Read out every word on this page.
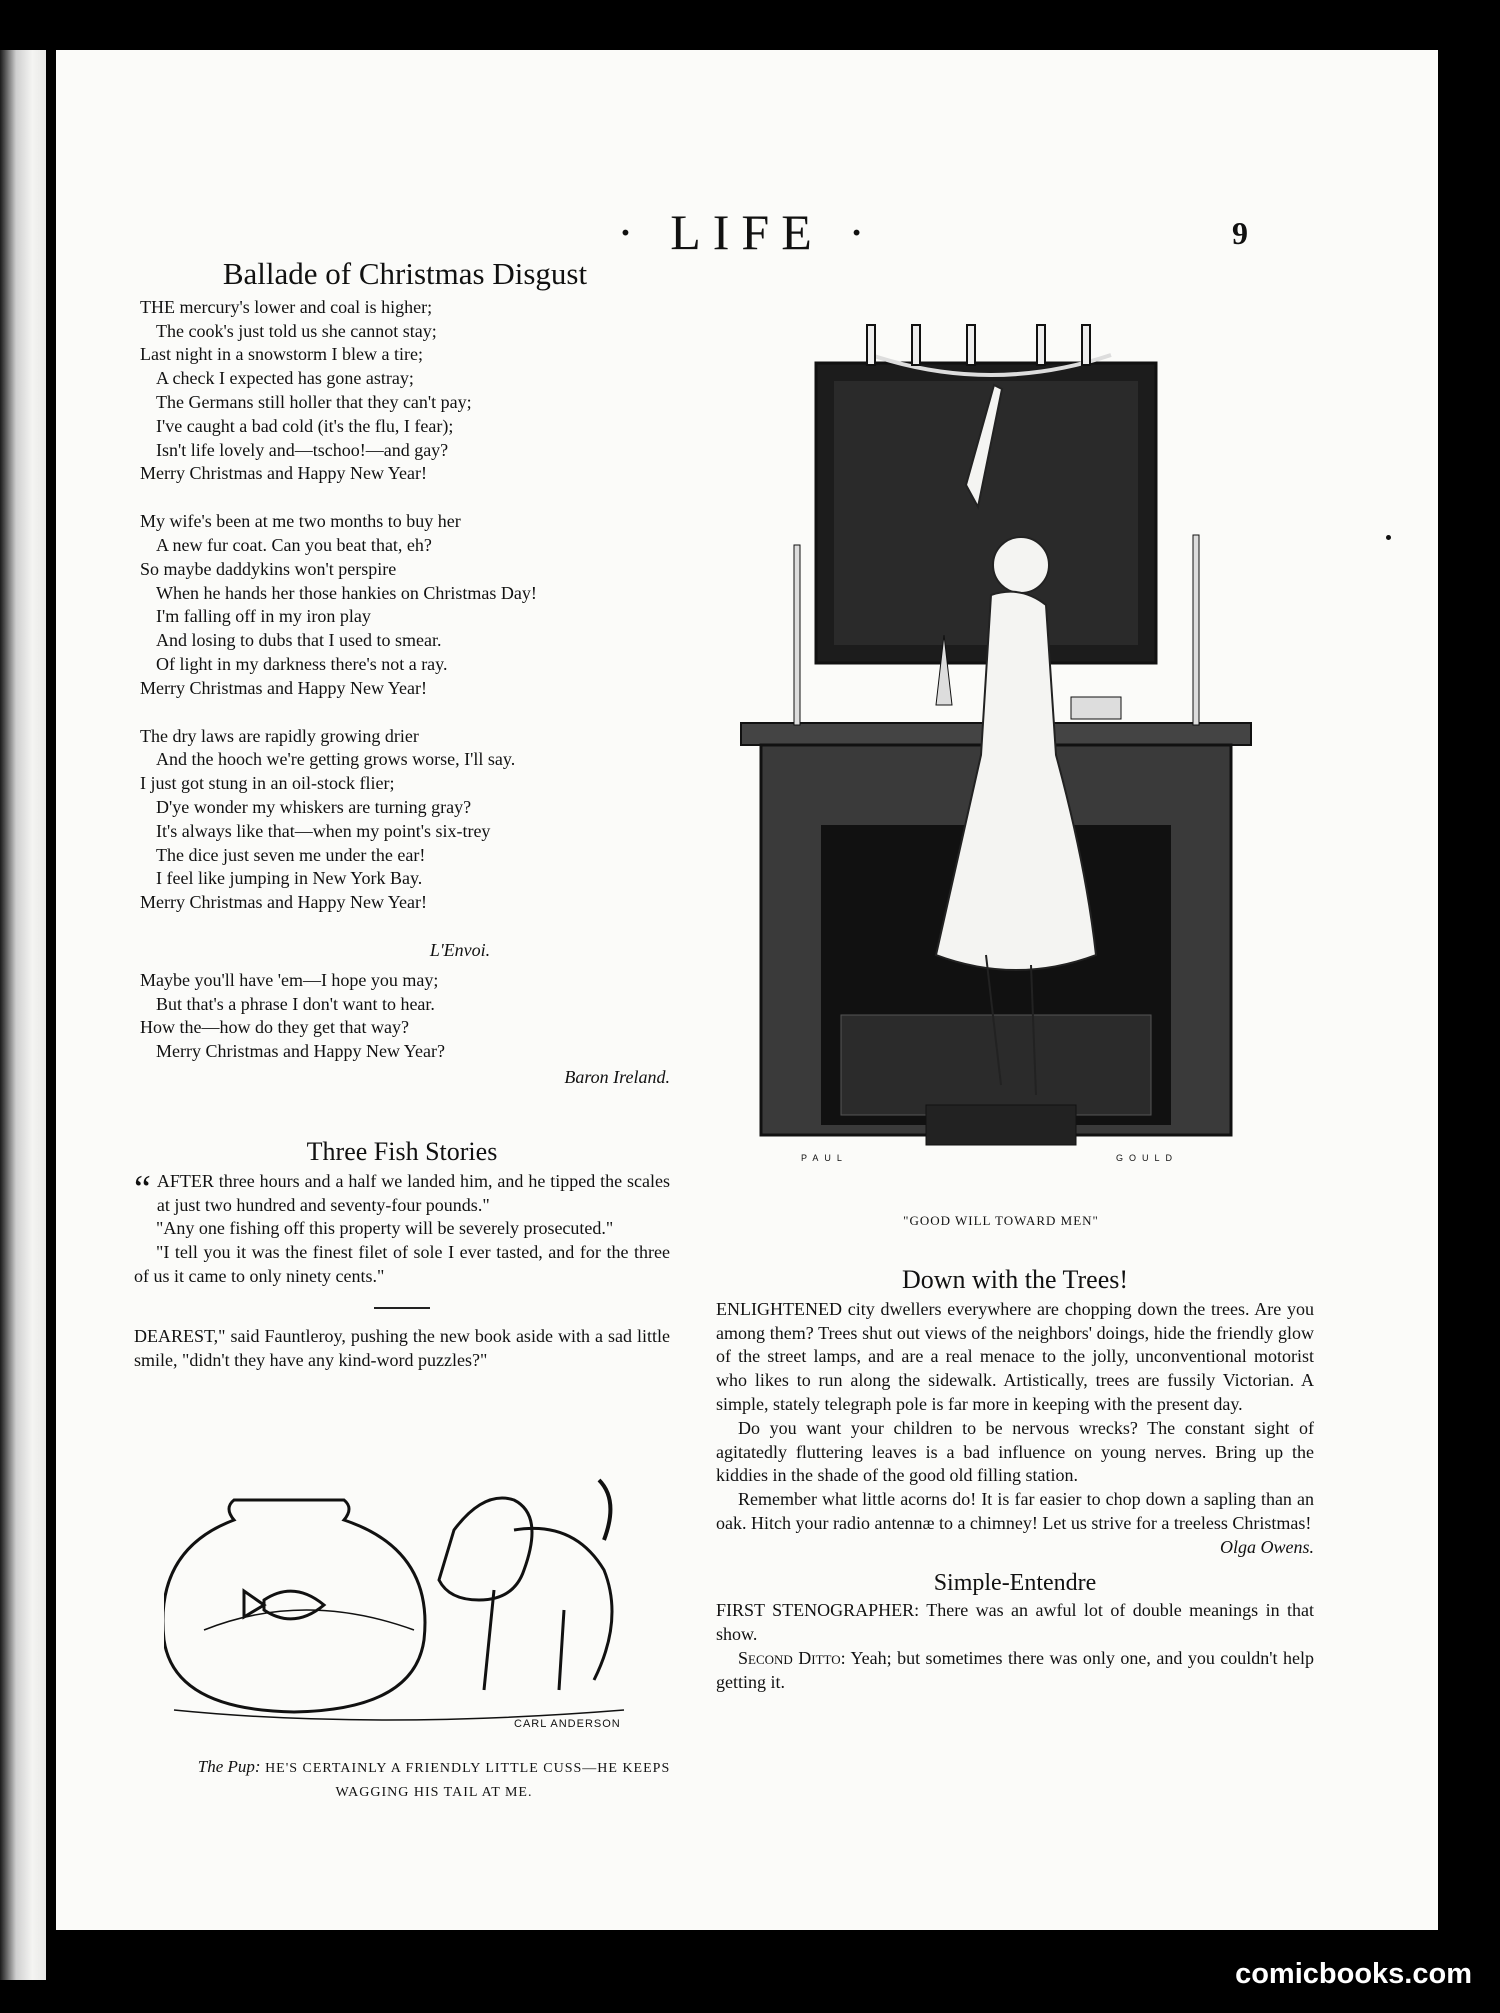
· LIFE ·	9
Ballade of Christmas Disgust

THE mercury's lower and coal is higher;

The cook's just told us she cannot stay;

Last night in a snowstorm I blew a tire;

A check I expected has gone astray;

The Germans still holler that they can't pay;

I've caught a bad cold (it's the flu, I fear);

Isn't life lovely and—tschoo!—and gay?

Merry Christmas and Happy New Year!

My wife's been at me two months to buy her

A new fur coat. Can you beat that, eh?

So maybe daddykins won't perspire

When he hands her those hankies on Christmas Day!

I'm falling off in my iron play

And losing to dubs that I used to smear.

Of light in my darkness there's not a ray.

Merry Christmas and Happy New Year!

The dry laws are rapidly growing drier

And the hooch we're getting grows worse, I'll say.

I just got stung in an oil-stock flier;

D'ye wonder my whiskers are turning gray?

It's always like that—when my point's six-trey

The dice just seven me under the ear!

I feel like jumping in New York Bay.

Merry Christmas and Happy New Year!

L'Envoi.

Maybe you'll have 'em—I hope you may;

But that's a phrase I don't want to hear.

How the—how do they get that way?

Merry Christmas and Happy New Year?

Baron Ireland.
Three Fish Stories

“ AFTER three hours and a half we landed him, and he tipped the scales at just two hundred and seventy-four pounds."

"Any one fishing off this property will be severely prosecuted."

"I tell you it was the finest filet of sole I ever tasted, and for the three of us it came to only ninety cents."

DEAREST," said Fauntleroy, pushing the new book aside with a sad little smile, "didn't they have any kind-word puzzles?"

CARL ANDERSON
The Pup: HE'S CERTAINLY A FRIENDLY LITTLE CUSS—HE KEEPS WAGGING HIS TAIL AT ME.
PAUL	GOULD
"GOOD WILL TOWARD MEN"
Down with the Trees!

ENLIGHTENED city dwellers everywhere are chopping down the trees. Are you among them? Trees shut out views of the neighbors' doings, hide the friendly glow of the street lamps, and are a real menace to the jolly, unconventional motorist who likes to run along the sidewalk. Artistically, trees are fussily Victorian. A simple, stately telegraph pole is far more in keeping with the present day.

Do you want your children to be nervous wrecks? The constant sight of agitatedly fluttering leaves is a bad influence on young nerves. Bring up the kiddies in the shade of the good old filling station.

Remember what little acorns do! It is far easier to chop down a sapling than an oak. Hitch your radio antennæ to a chimney! Let us strive for a treeless Christmas!

Olga Owens.
Simple-Entendre

FIRST STENOGRAPHER: There was an awful lot of double meanings in that show.

Second Ditto: Yeah; but sometimes there was only one, and you couldn't help getting it.

comicbooks.com
